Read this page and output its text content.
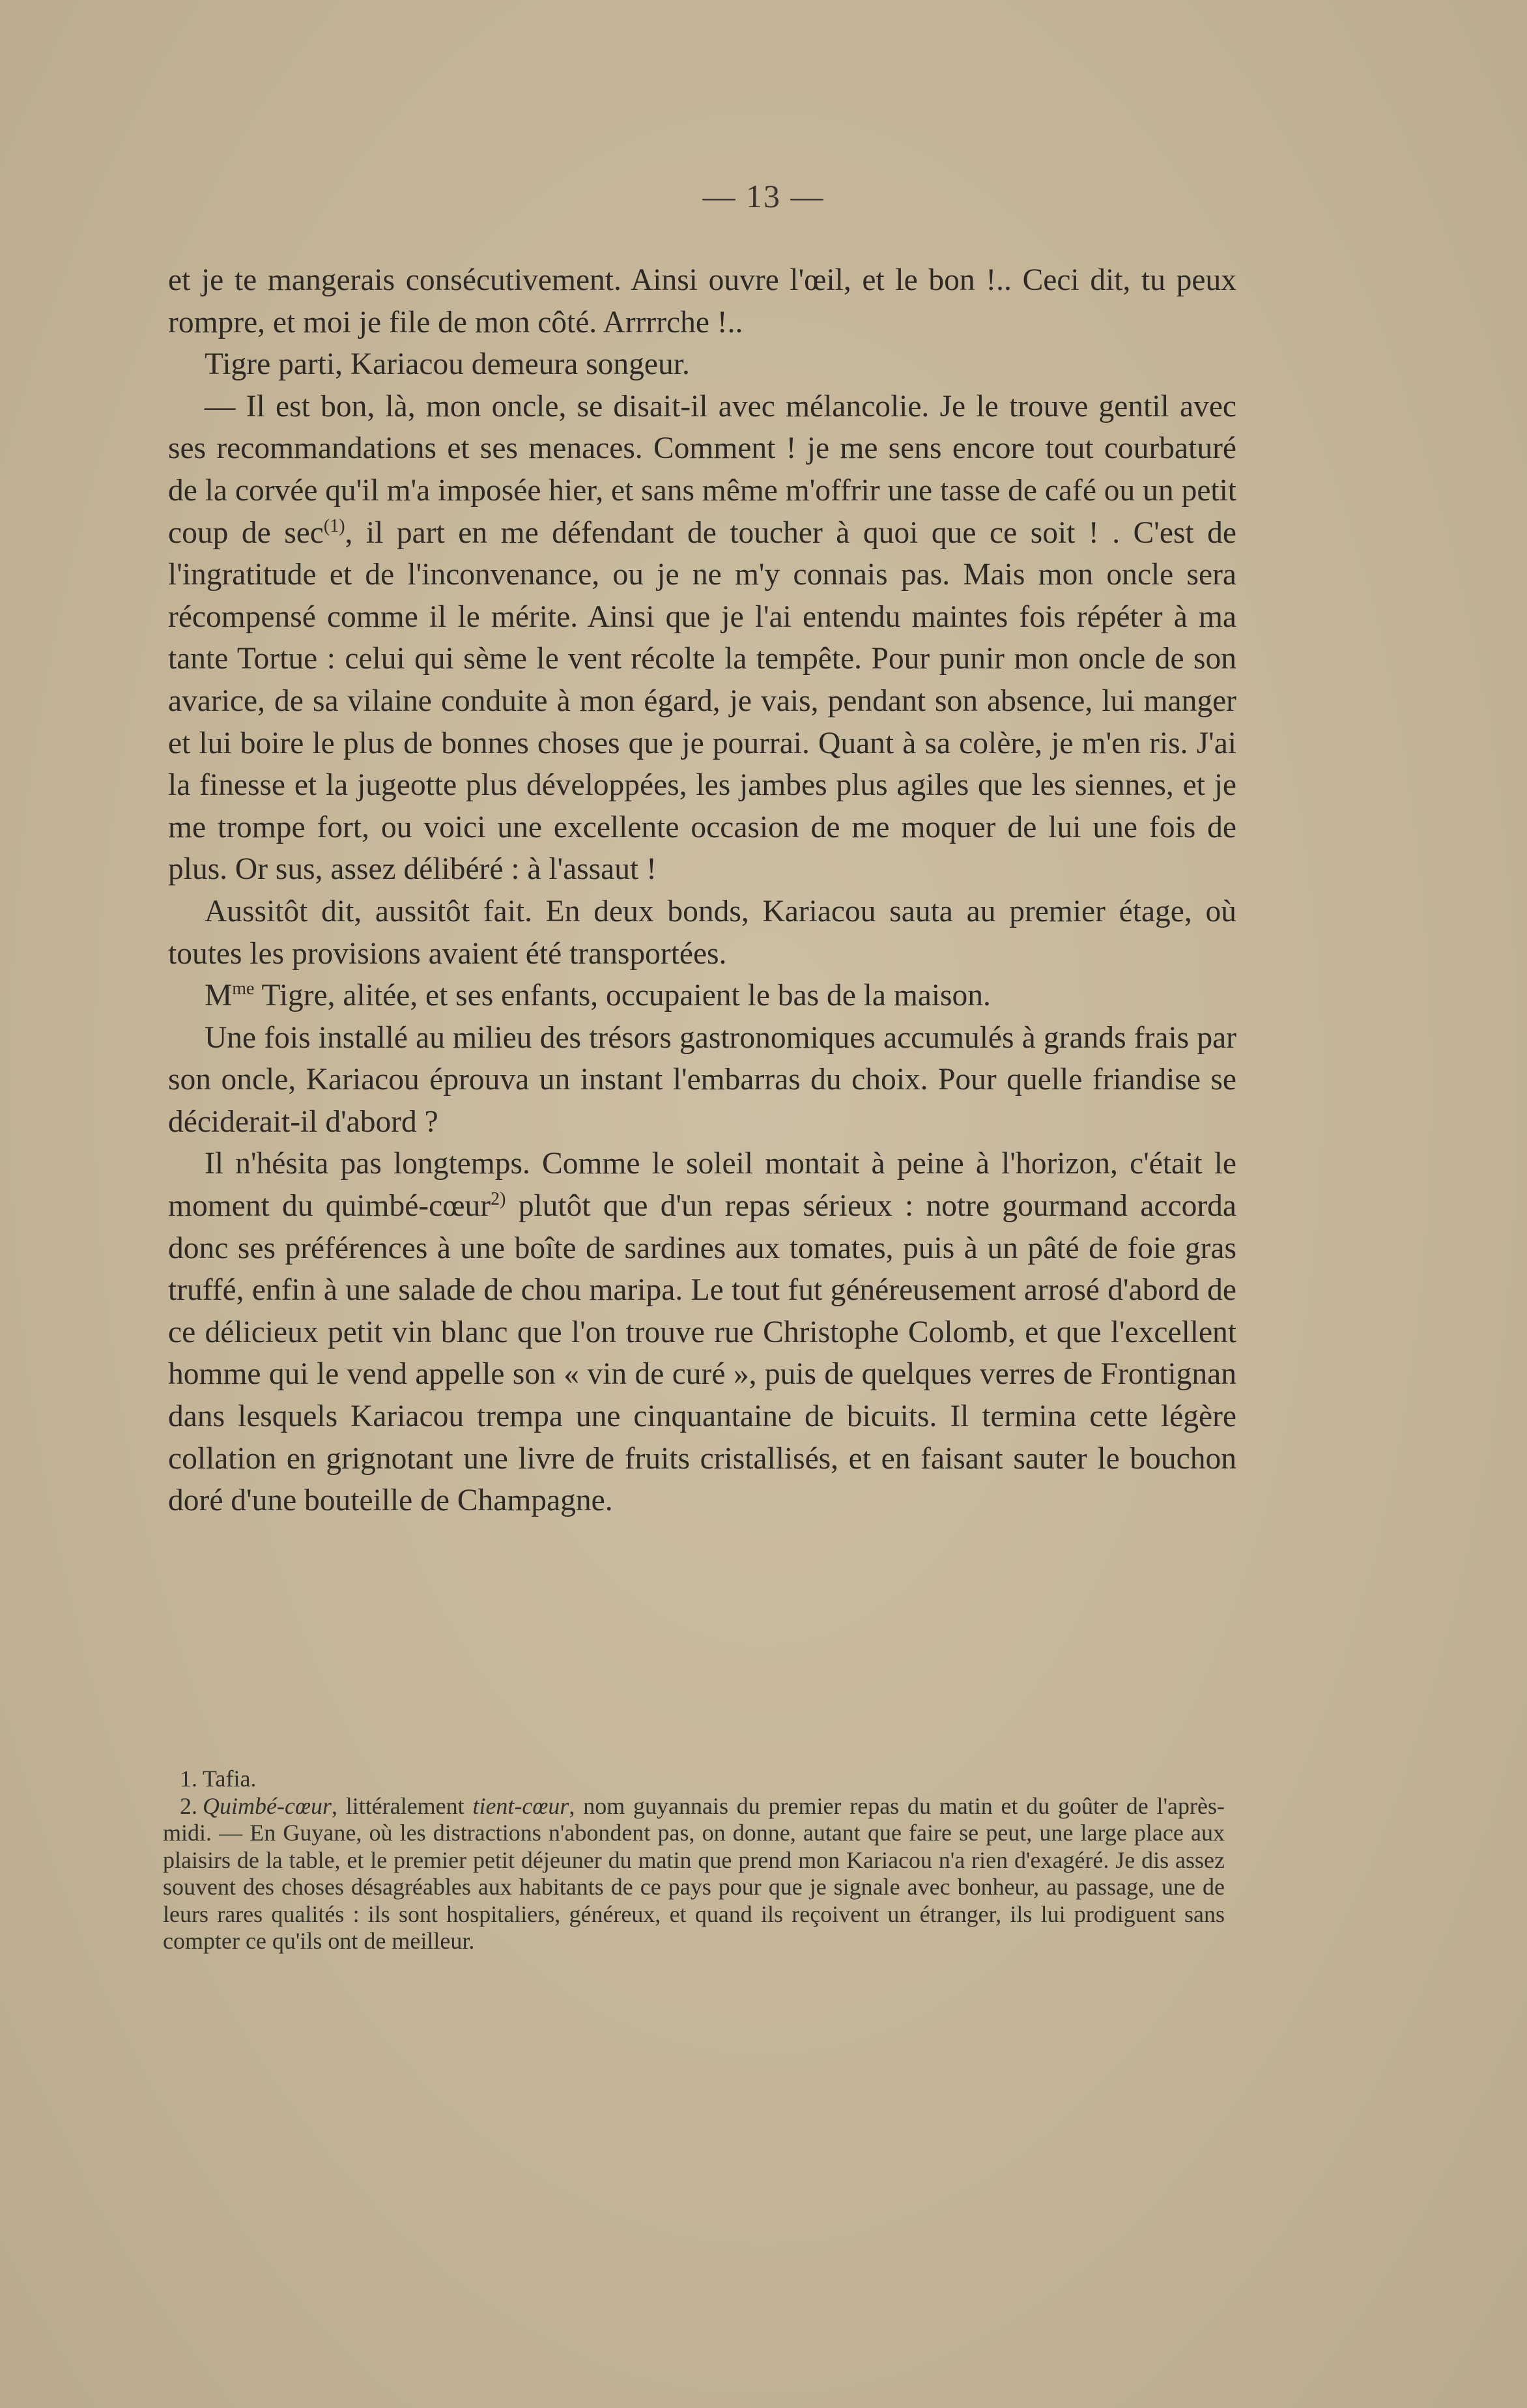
— 13 —

et je te mangerais consécutivement. Ainsi ouvre l'œil, et le bon !.. Ceci dit, tu peux rompre, et moi je file de mon côté. Arrrrche !..

Tigre parti, Kariacou demeura songeur.

— Il est bon, là, mon oncle, se disait-il avec mélancolie. Je le trouve gentil avec ses recommandations et ses menaces. Comment ! je me sens encore tout courbaturé de la corvée qu'il m'a imposée hier, et sans même m'offrir une tasse de café ou un petit coup de $\sec^{(1)}$, il part en me défendant de toucher à quoi que ce soit ! . C'est de l'ingratitude et de l'inconvenance, ou je ne m'y connais pas. Mais mon oncle sera récompensé comme il le mérite. Ainsi que je l'ai entendu maintes fois répéter à ma tante Tortue : celui qui sème le vent récolte la tempête. Pour punir mon oncle de son avarice, de sa vilaine conduite à mon égard, je vais, pendant son absence, lui manger et lui boire le plus de bonnes choses que je pourrai. Quant à sa colère, je m'en ris. J'ai la finesse et la jugeotte plus développées, les jambes plus agiles que les siennes, et je me trompe fort, ou voici une excellente occasion de me moquer de lui une fois de plus. Or sus, assez délibéré : à l'assaut !

Aussitôt dit, aussitôt fait. En deux bonds, Kariacou sauta au premier étage, où toutes les provisions avaient été transportées.

$M^{me}$ Tigre, alitée, et ses enfants, occupaient le bas de la maison.

Une fois installé au milieu des trésors gastronomiques accumulés à grands frais par son oncle, Kariacou éprouva un instant l'embarras du choix. Pour quelle friandise se déciderait-il d'abord ?

Il n'hésita pas longtemps. Comme le soleil montait à peine à l'horizon, c'était le moment du quimbé-cœur$^{2)}$ plutôt que d'un repas sérieux : notre gourmand accorda donc ses préférences à une boîte de sardines aux tomates, puis à un pâté de foie gras truffé, enfin à une salade de chou maripa. Le tout fut généreusement arrosé d'abord de ce délicieux petit vin blanc que l'on trouve rue Christophe Colomb, et que l'excellent homme qui le vend appelle son « vin de curé », puis de quelques verres de Frontignan dans lesquels Kariacou trempa une cinquantaine de bicuits. Il termina cette légère collation en grignotant une livre de fruits cristallisés, et en faisant sauter le bouchon doré d'une bouteille de Champagne.

1. Tafia.

2. Quimbé-cœur, littéralement tient-cœur, nom guyannais du premier repas du matin et du goûter de l'après-midi. — En Guyane, où les distractions n'abondent pas, on donne, autant que faire se peut, une large place aux plaisirs de la table, et le premier petit déjeuner du matin que prend mon Kariacou n'a rien d'exagéré. Je dis assez souvent des choses désagréables aux habitants de ce pays pour que je signale avec bonheur, au passage, une de leurs rares qualités : ils sont hospitaliers, généreux, et quand ils reçoivent un étranger, ils lui prodiguent sans compter ce qu'ils ont de meilleur.
